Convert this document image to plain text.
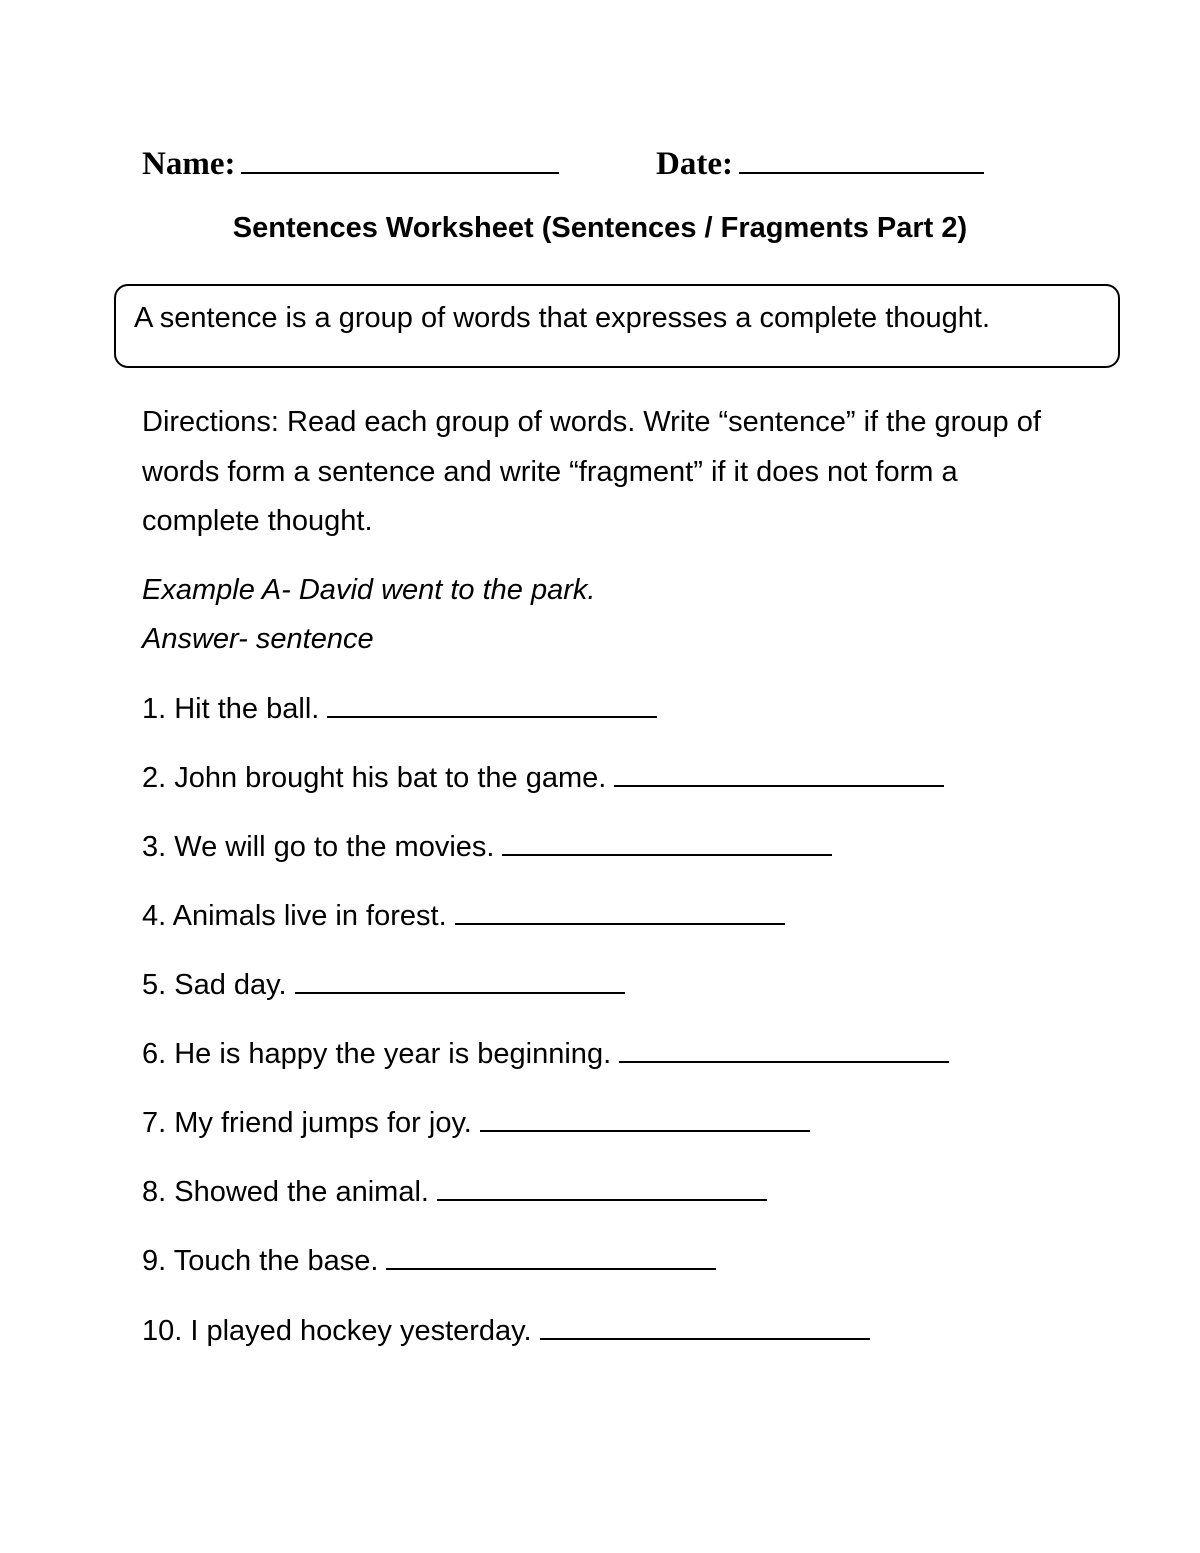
Name:	Date:
Sentences Worksheet (Sentences / Fragments Part 2)
A sentence is a group of words that expresses a complete thought.
Directions: Read each group of words. Write “sentence” if the group of words form a sentence and write “fragment” if it does not form a complete thought.
Example A- David went to the park.
Answer- sentence
1. Hit the ball.
2. John brought his bat to the game.
3. We will go to the movies.
4. Animals live in forest.
5. Sad day.
6. He is happy the year is beginning.
7. My friend jumps for joy.
8. Showed the animal.
9. Touch the base.
10. I played hockey yesterday.
